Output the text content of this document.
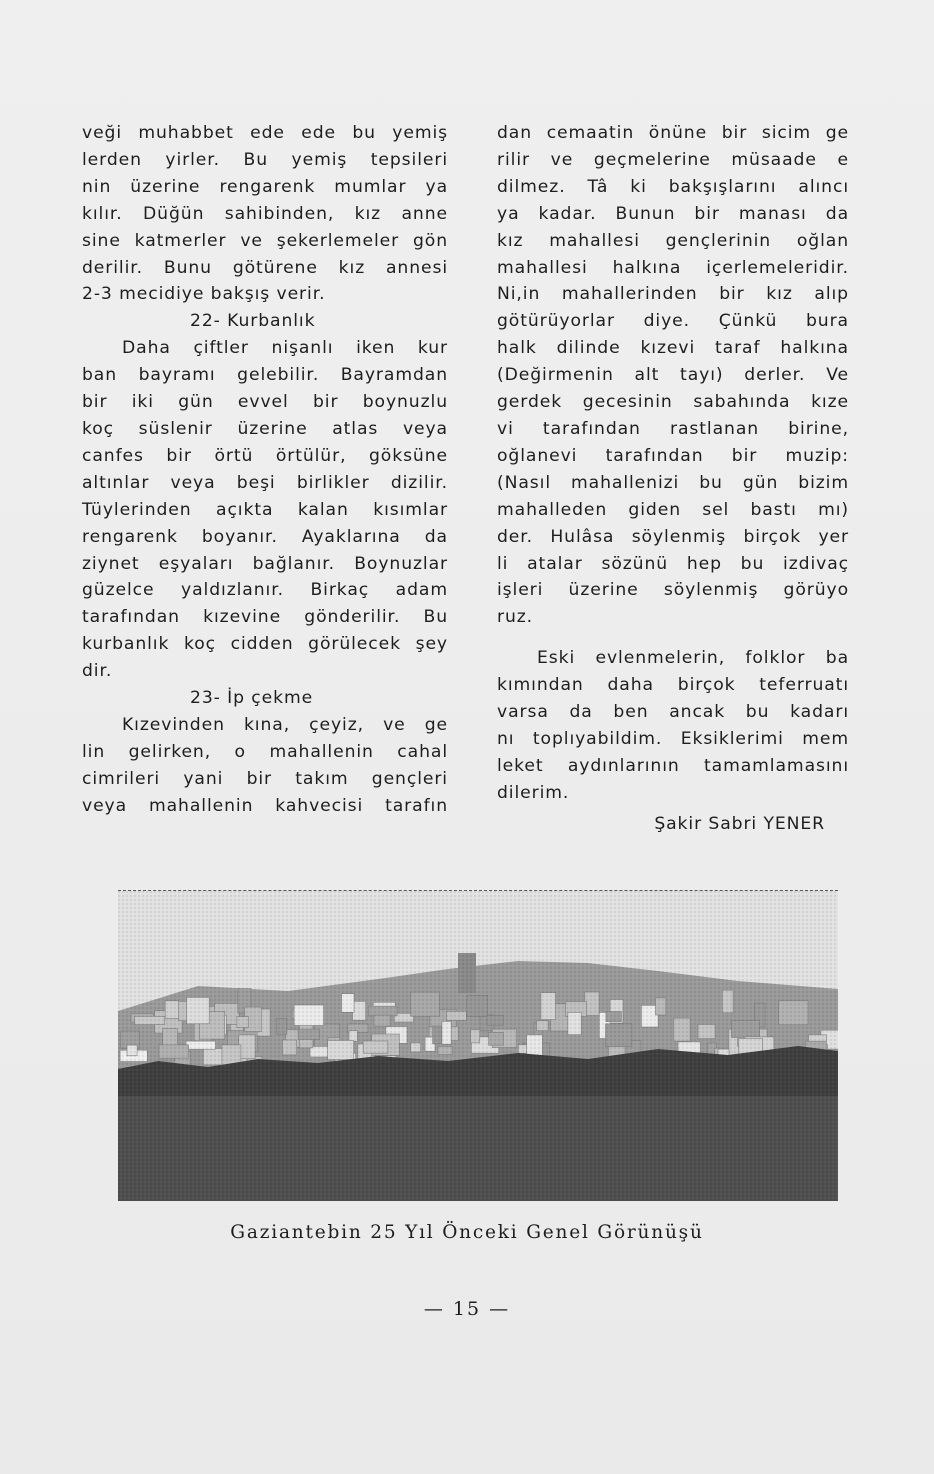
veği muhabbet ede ede bu yemiş
lerden yirler. Bu yemiş tepsileri
nin üzerine rengarenk mumlar ya
kılır. Düğün sahibinden, kız anne
sine katmerler ve şekerlemeler gön
derilir. Bunu götürene kız annesi
2-3 mecidiye bakşış verir.
22- Kurbanlık
Daha çiftler nişanlı iken kur
ban bayramı gelebilir. Bayramdan
bir iki gün evvel bir boynuzlu
koç süslenir üzerine atlas veya
canfes bir örtü örtülür, göksüne
altınlar veya beşi birlikler dizilir.
Tüylerinden açıkta kalan kısımlar
rengarenk boyanır. Ayaklarına da
ziynet eşyaları bağlanır. Boynuzlar
güzelce yaldızlanır. Birkaç adam
tarafından kızevine gönderilir. Bu
kurbanlık koç cidden görülecek şey
dir.
23- İp çekme
Kızevinden kına, çeyiz, ve ge
lin gelirken, o mahallenin cahal
cimrileri yani bir takım gençleri
veya mahallenin kahvecisi tarafın
dan cemaatin önüne bir sicim ge
rilir ve geçmelerine müsaade e
dilmez. Tâ ki bakşışlarını alıncı
ya kadar. Bunun bir manası da
kız mahallesi gençlerinin oğlan
mahallesi halkına içerlemeleridir.
Ni,in mahallerinden bir kız alıp
götürüyorlar diye. Çünkü bura
halk dilinde kızevi taraf halkına
(Değirmenin alt tayı) derler. Ve
gerdek gecesinin sabahında kıze
vi tarafından rastlanan birine,
oğlanevi tarafından bir muzip:
(Nasıl mahallenizi bu gün bizim
mahalleden giden sel bastı mı)
der. Hulâsa söylenmiş birçok yer
li atalar sözünü hep bu izdivaç
işleri üzerine söylenmiş görüyo
ruz.
Eski evlenmelerin, folklor ba
kımından daha birçok teferruatı
varsa da ben ancak bu kadarı
nı toplıyabildim. Eksiklerimi mem
leket aydınlarının tamamlamasını
dilerim.
Şakir Sabri YENER
Gaziantebin 25 Yıl Önceki Genel Görünüşü
— 15 —
